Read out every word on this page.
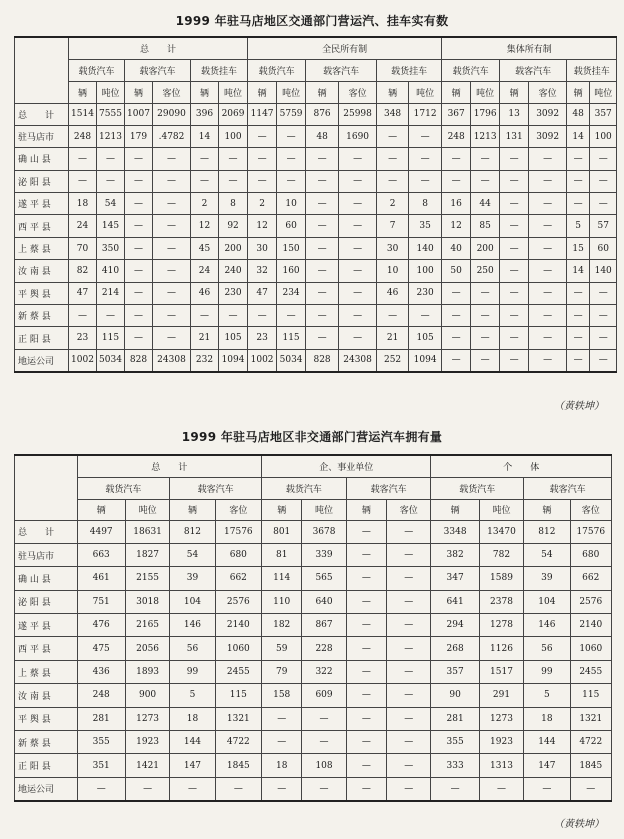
1999 年驻马店地区交通部门营运汽、挂车实有数
	总　　计						全民所有制						集体所有制					
	载货汽车		载客汽车		载货挂车		载货汽车		载客汽车		载货挂车		载货汽车		载客汽车		载货挂车	
	辆	吨位	辆	客位	辆	吨位	辆	吨位	辆	客位	辆	吨位	辆	吨位	辆	客位	辆	吨位
总　　计	1514	7555	1007	29090	396	2069	1147	5759	876	25998	348	1712	367	1796	13	3092	48	357
驻马店市	248	1213	179	.4782	14	100	—	—	48	1690	—	—	248	1213	131	3092	14	100
确 山 县	—	—	—	—	—	—	—	—	—	—	—	—	—	—	—	—	—	—
泌 阳 县	—	—	—	—	—	—	—	—	—	—	—	—	—	—	—	—	—	—
遂 平 县	18	54	—	—	2	8	2	10	—	—	2	8	16	44	—	—	—	—
西 平 县	24	145	—	—	12	92	12	60	—	—	7	35	12	85	—	—	5	57
上 蔡 县	70	350	—	—	45	200	30	150	—	—	30	140	40	200	—	—	15	60
汝 南 县	82	410	—	—	24	240	32	160	—	—	10	100	50	250	—	—	14	140
平 舆 县	47	214	—	—	46	230	47	234	—	—	46	230	—	—	—	—	—	—
新 蔡 县	—	—	—	—	—	—	—	—	—	—	—	—	—	—	—	—	—	—
正 阳 县	23	115	—	—	21	105	23	115	—	—	21	105	—	—	—	—	—	—
地运公司	1002	5034	828	24308	232	1094	1002	5034	828	24308	252	1094	—	—	—	—	—	—
（黄轶坤）
1999 年驻马店地区非交通部门营运汽车拥有量
	总　　计				企、事业单位				个　　体			
	载货汽车		载客汽车		载货汽车		载客汽车		载货汽车		载客汽车	
	辆	吨位	辆	客位	辆	吨位	辆	客位	辆	吨位	辆	客位
总　　计	4497	18631	812	17576	801	3678	—	—	3348	13470	812	17576
驻马店市	663	1827	54	680	81	339	—	—	382	782	54	680
确 山 县	461	2155	39	662	114	565	—	—	347	1589	39	662
泌 阳 县	751	3018	104	2576	110	640	—	—	641	2378	104	2576
遂 平 县	476	2165	146	2140	182	867	—	—	294	1278	146	2140
西 平 县	475	2056	56	1060	59	228	—	—	268	1126	56	1060
上 蔡 县	436	1893	99	2455	79	322	—	—	357	1517	99	2455
汝 南 县	248	900	5	115	158	609	—	—	90	291	5	115
平 舆 县	281	1273	18	1321	—	—	—	—	281	1273	18	1321
新 蔡 县	355	1923	144	4722	—	—	—	—	355	1923	144	4722
正 阳 县	351	1421	147	1845	18	108	—	—	333	1313	147	1845
地运公司	—	—	—	—	—	—	—	—	—	—	—	—
（黄轶坤）
